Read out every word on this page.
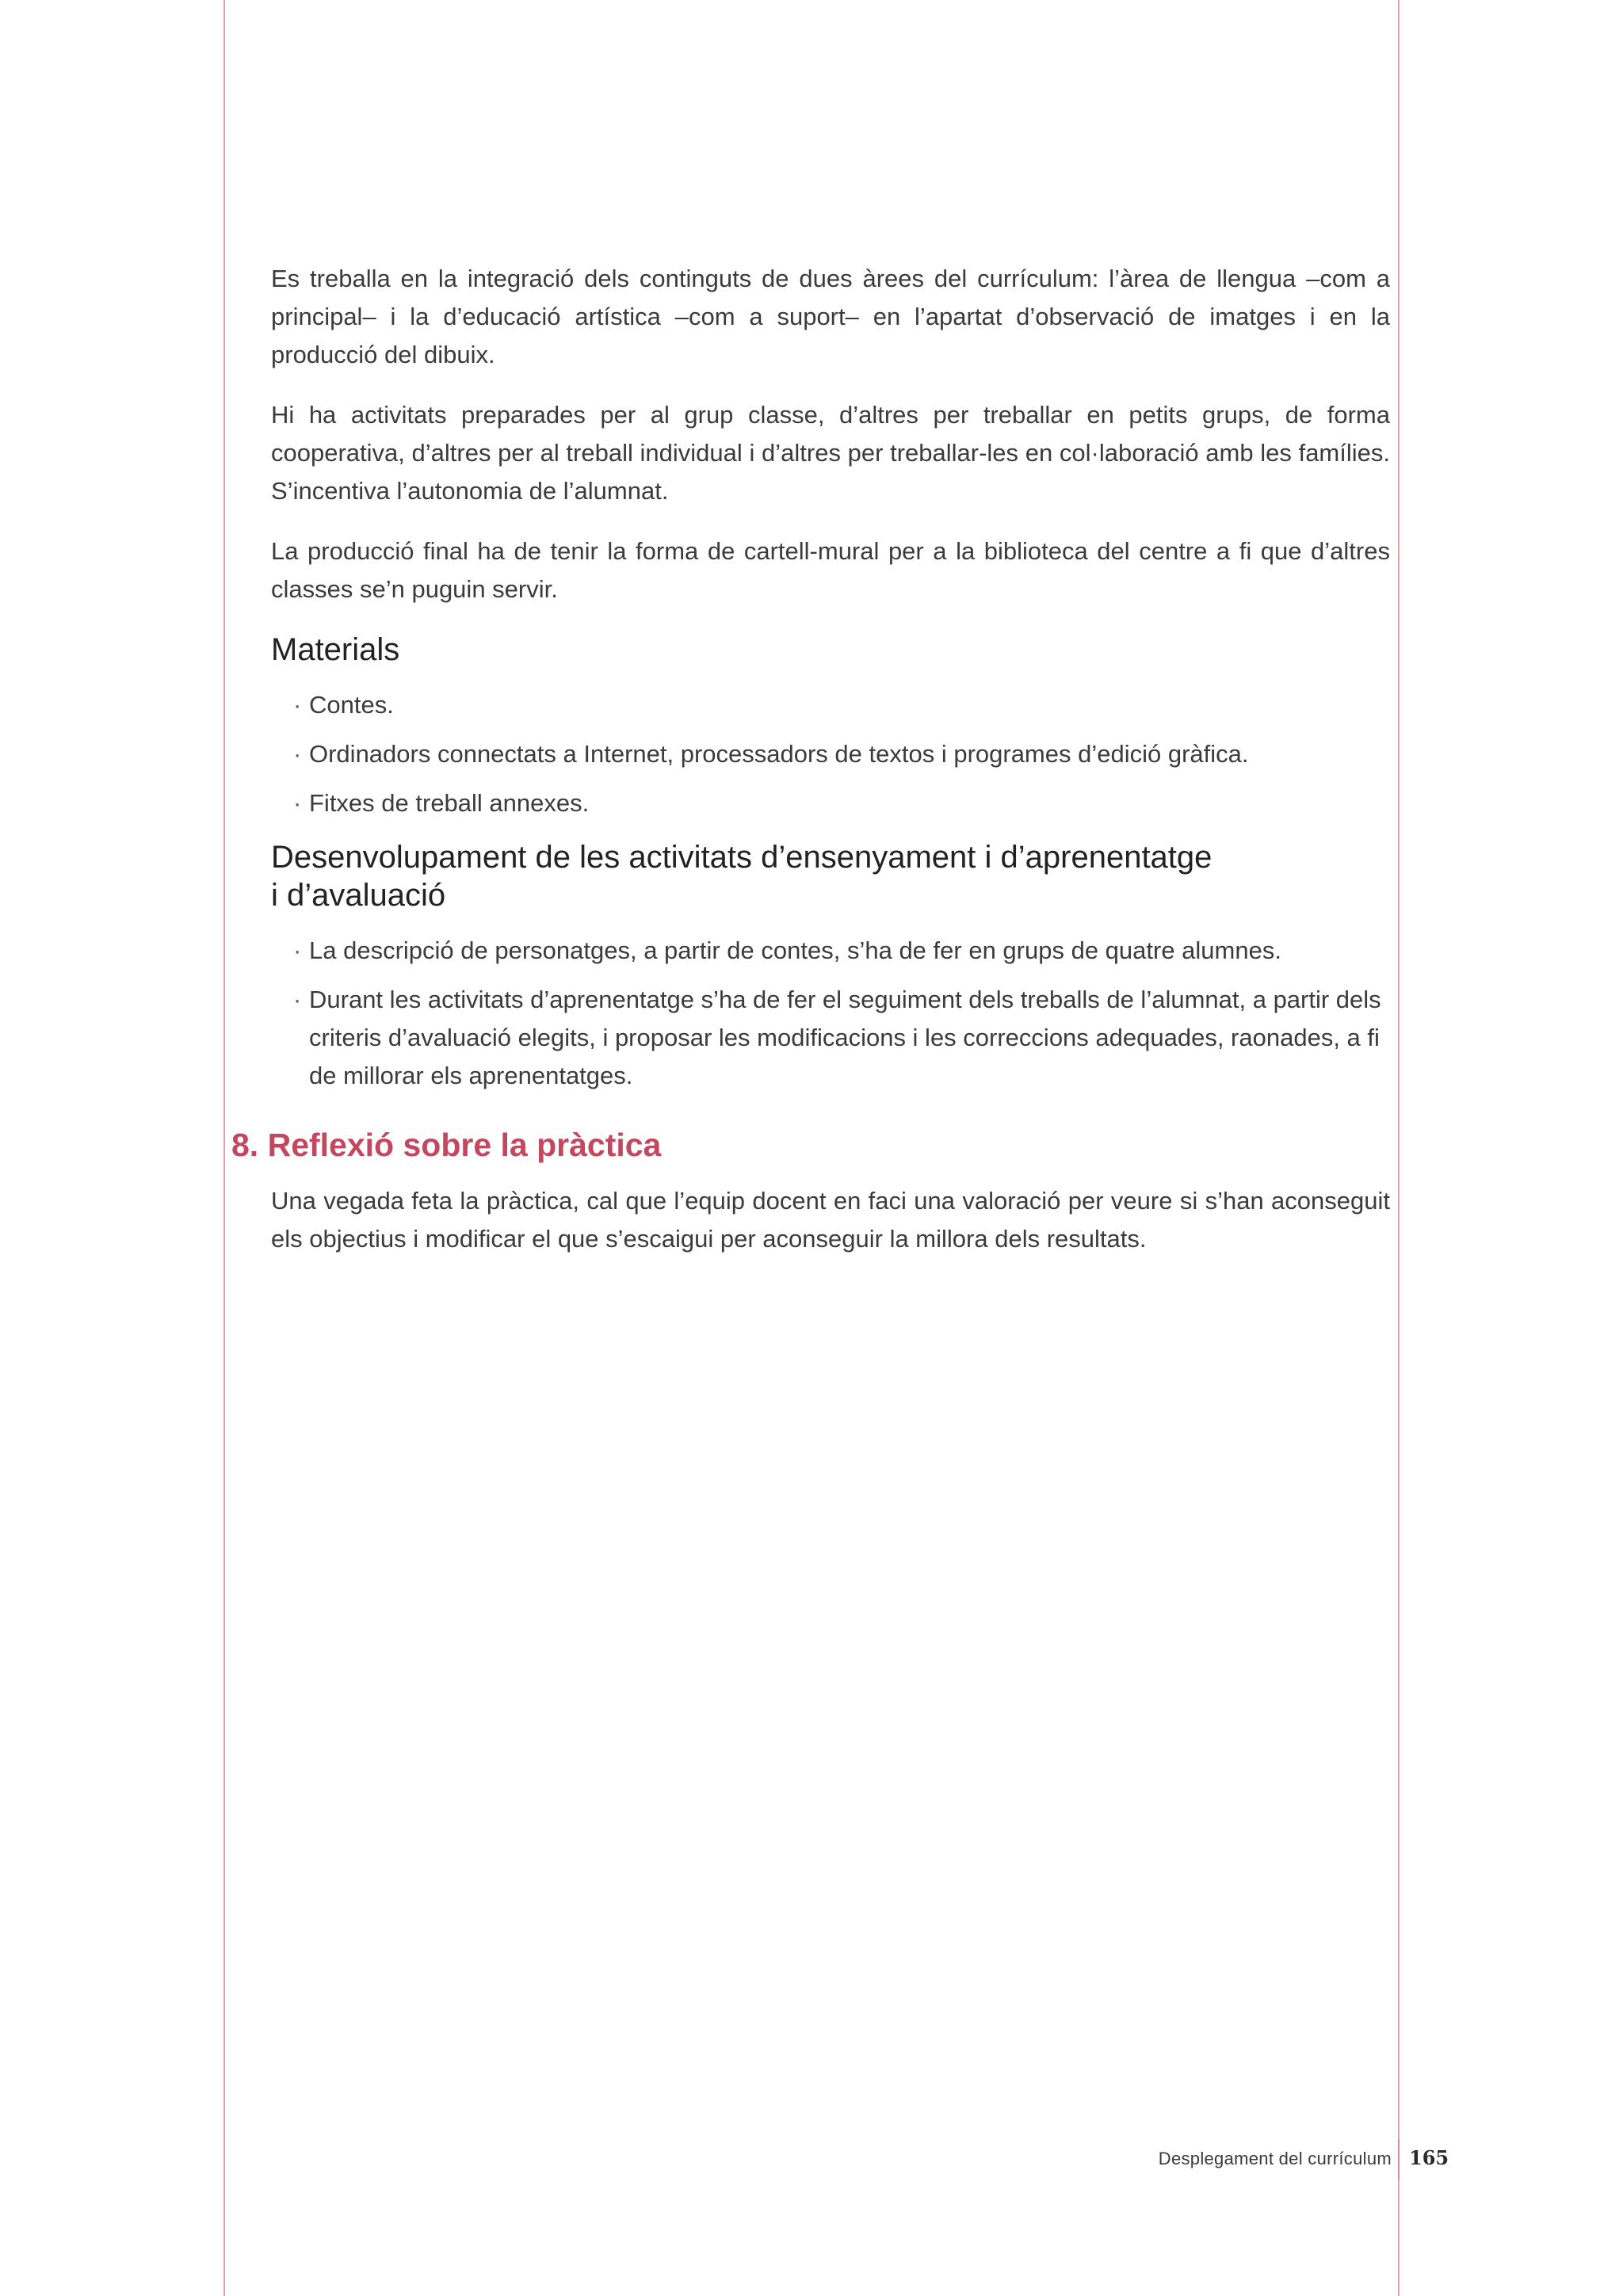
Es treballa en la integració dels continguts de dues àrees del currículum: l’àrea de llengua –com a principal– i la d’educació artística –com a suport– en l’apartat d’observació de imatges i en la producció del dibuix.

Hi ha activitats preparades per al grup classe, d’altres per treballar en petits grups, de forma cooperativa, d’altres per al treball individual i d’altres per treballar-les en col·laboració amb les famílies. S’incentiva l’autonomia de l’alumnat.

La producció final ha de tenir la forma de cartell-mural per a la biblioteca del centre a fi que d’altres classes se’n puguin servir.

Materials
· Contes.
· Ordinadors connectats a Internet, processadors de textos i programes d’edició gràfica.
· Fitxes de treball annexes.
Desenvolupament de les activitats d’ensenyament i d’aprenentatge
i d’avaluació
· La descripció de personatges, a partir de contes, s’ha de fer en grups de quatre alumnes.
· Durant les activitats d’aprenentatge s’ha de fer el seguiment dels treballs de l’alumnat, a partir dels criteris d’avaluació elegits, i proposar les modificacions i les correccions adequades, raonades, a fi de millorar els aprenentatges.
8. Reflexió sobre la pràctica

Una vegada feta la pràctica, cal que l’equip docent en faci una valoració per veure si s’han aconseguit els objectius i modificar el que s’escaigui per aconseguir la millora dels resultats.

Desplegament del currículum 165
